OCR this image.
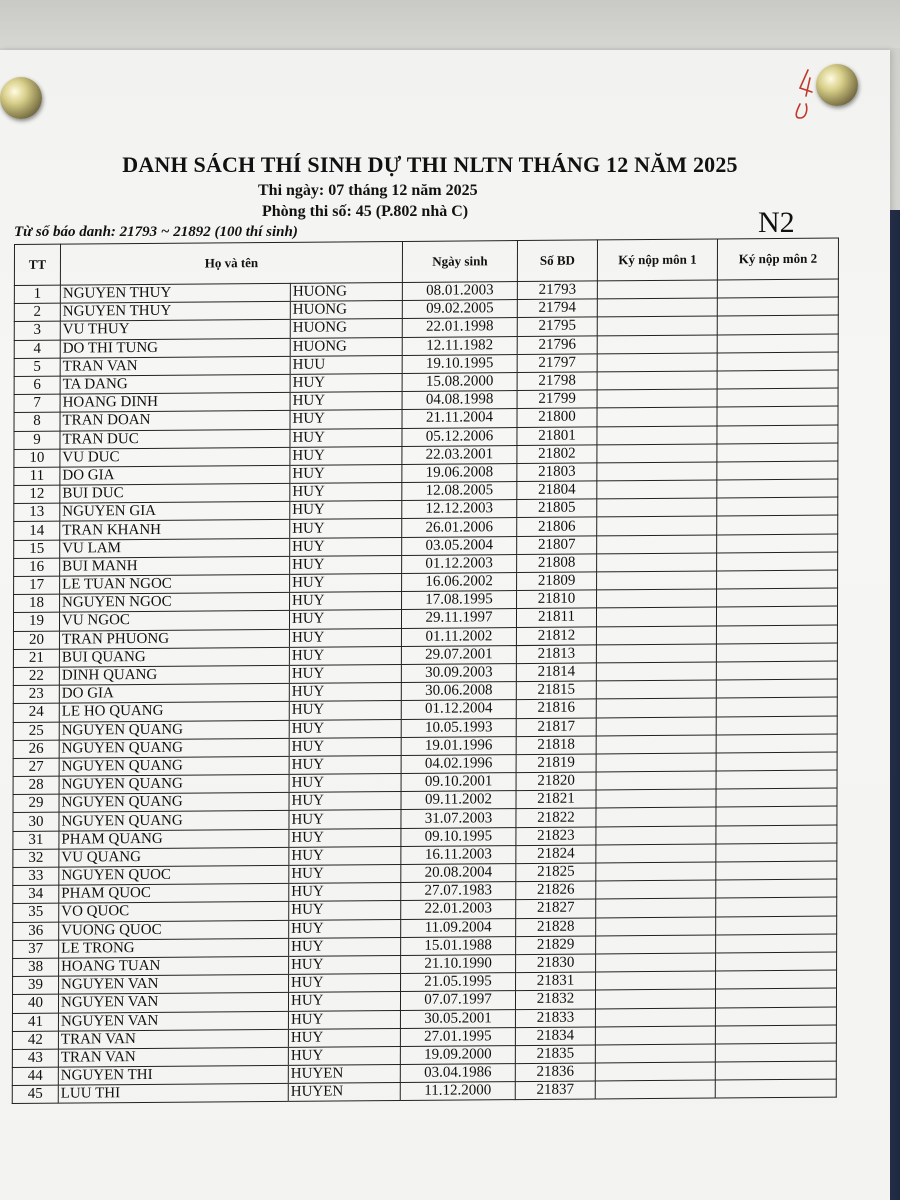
DANH SÁCH THÍ SINH DỰ THI NLTN THÁNG 12 NĂM 2025
Thi ngày: 07 tháng 12 năm 2025
Phòng thi số: 45 (P.802 nhà C)
Từ số báo danh: 21793 ~ 21892 (100 thí sinh)	N2
TT	Họ và tên		Ngày sinh	Số BD	Ký nộp môn 1	Ký nộp môn 2
1	NGUYEN THUY	HUONG	08.01.2003	21793		
2	NGUYEN THUY	HUONG	09.02.2005	21794		
3	VU THUY	HUONG	22.01.1998	21795		
4	DO THI TUNG	HUONG	12.11.1982	21796		
5	TRAN VAN	HUU	19.10.1995	21797		
6	TA DANG	HUY	15.08.2000	21798		
7	HOANG DINH	HUY	04.08.1998	21799		
8	TRAN DOAN	HUY	21.11.2004	21800		
9	TRAN DUC	HUY	05.12.2006	21801		
10	VU DUC	HUY	22.03.2001	21802		
11	DO GIA	HUY	19.06.2008	21803		
12	BUI DUC	HUY	12.08.2005	21804		
13	NGUYEN GIA	HUY	12.12.2003	21805		
14	TRAN KHANH	HUY	26.01.2006	21806		
15	VU LAM	HUY	03.05.2004	21807		
16	BUI MANH	HUY	01.12.2003	21808		
17	LE TUAN NGOC	HUY	16.06.2002	21809		
18	NGUYEN NGOC	HUY	17.08.1995	21810		
19	VU NGOC	HUY	29.11.1997	21811		
20	TRAN PHUONG	HUY	01.11.2002	21812		
21	BUI QUANG	HUY	29.07.2001	21813		
22	DINH QUANG	HUY	30.09.2003	21814		
23	DO GIA	HUY	30.06.2008	21815		
24	LE HO QUANG	HUY	01.12.2004	21816		
25	NGUYEN QUANG	HUY	10.05.1993	21817		
26	NGUYEN QUANG	HUY	19.01.1996	21818		
27	NGUYEN QUANG	HUY	04.02.1996	21819		
28	NGUYEN QUANG	HUY	09.10.2001	21820		
29	NGUYEN QUANG	HUY	09.11.2002	21821		
30	NGUYEN QUANG	HUY	31.07.2003	21822		
31	PHAM QUANG	HUY	09.10.1995	21823		
32	VU QUANG	HUY	16.11.2003	21824		
33	NGUYEN QUOC	HUY	20.08.2004	21825		
34	PHAM QUOC	HUY	27.07.1983	21826		
35	VO QUOC	HUY	22.01.2003	21827		
36	VUONG QUOC	HUY	11.09.2004	21828		
37	LE TRONG	HUY	15.01.1988	21829		
38	HOANG TUAN	HUY	21.10.1990	21830		
39	NGUYEN VAN	HUY	21.05.1995	21831		
40	NGUYEN VAN	HUY	07.07.1997	21832		
41	NGUYEN VAN	HUY	30.05.2001	21833		
42	TRAN VAN	HUY	27.01.1995	21834		
43	TRAN VAN	HUY	19.09.2000	21835		
44	NGUYEN THI	HUYEN	03.04.1986	21836		
45	LUU THI	HUYEN	11.12.2000	21837		
